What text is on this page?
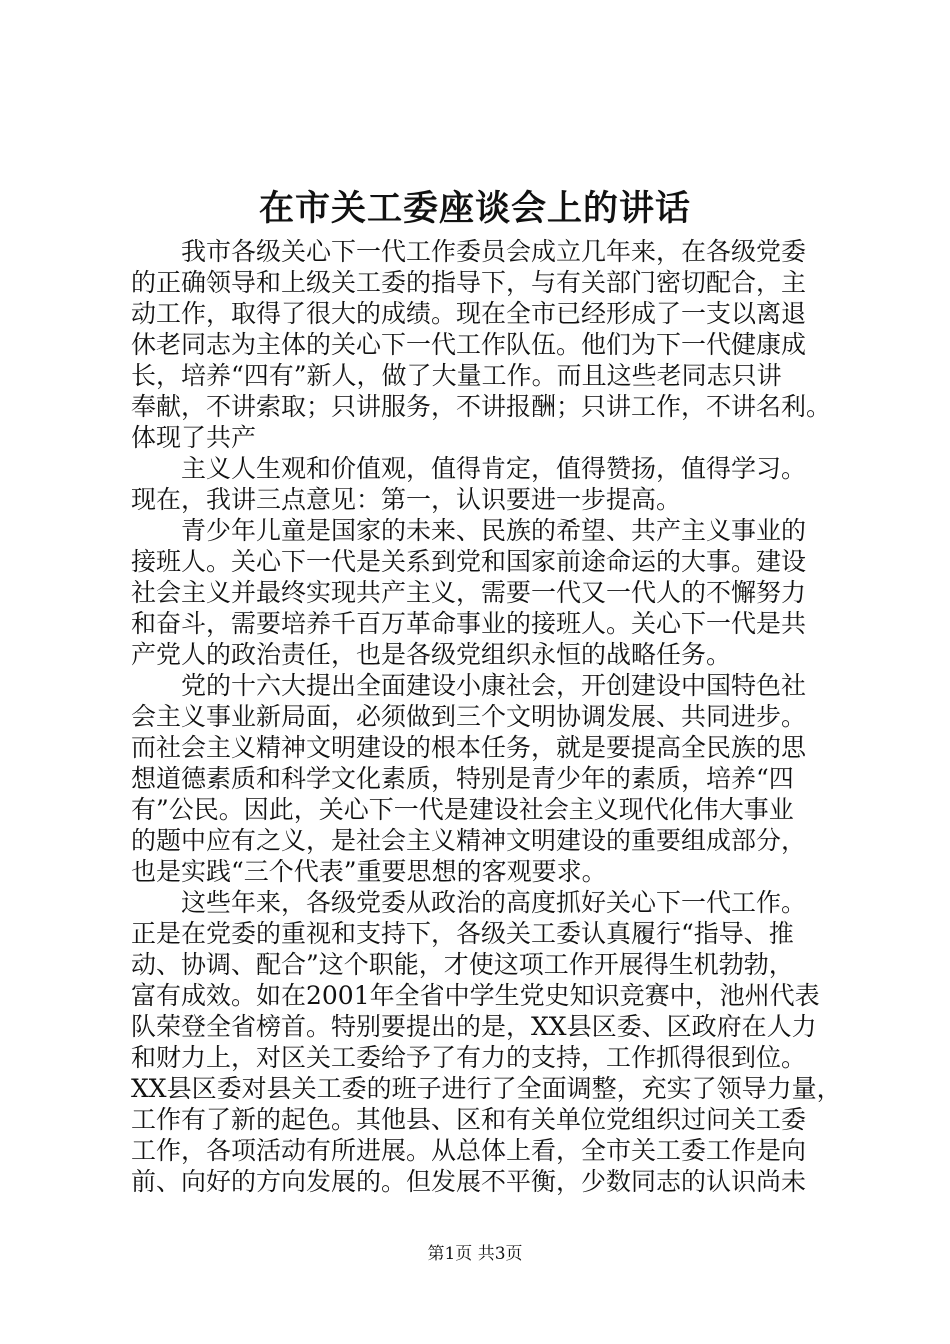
在市关工委座谈会上的讲话
我市各级关心下一代工作委员会成立几年来，在各级党委
的正确领导和上级关工委的指导下，与有关部门密切配合，主
动工作，取得了很大的成绩。现在全市已经形成了一支以离退
休老同志为主体的关心下一代工作队伍。他们为下一代健康成
长，培养“四有”新人，做了大量工作。而且这些老同志只讲
奉献，不讲索取；只讲服务，不讲报酬；只讲工作，不讲名利。
体现了共产
主义人生观和价值观，值得肯定，值得赞扬，值得学习。
现在，我讲三点意见：第一，认识要进一步提高。
青少年儿童是国家的未来、民族的希望、共产主义事业的
接班人。关心下一代是关系到党和国家前途命运的大事。建设
社会主义并最终实现共产主义，需要一代又一代人的不懈努力
和奋斗，需要培养千百万革命事业的接班人。关心下一代是共
产党人的政治责任，也是各级党组织永恒的战略任务。
党的十六大提出全面建设小康社会，开创建设中国特色社
会主义事业新局面，必须做到三个文明协调发展、共同进步。
而社会主义精神文明建设的根本任务，就是要提高全民族的思
想道德素质和科学文化素质，特别是青少年的素质，培养“四
有”公民。因此，关心下一代是建设社会主义现代化伟大事业
的题中应有之义，是社会主义精神文明建设的重要组成部分，
也是实践“三个代表”重要思想的客观要求。
这些年来，各级党委从政治的高度抓好关心下一代工作。
正是在党委的重视和支持下，各级关工委认真履行“指导、推
动、协调、配合”这个职能，才使这项工作开展得生机勃勃，
富有成效。如在2001年全省中学生党史知识竞赛中，池州代表
队荣登全省榜首。特别要提出的是，XX县区委、区政府在人力
和财力上，对区关工委给予了有力的支持，工作抓得很到位。
XX县区委对县关工委的班子进行了全面调整，充实了领导力量，
工作有了新的起色。其他县、区和有关单位党组织过问关工委
工作，各项活动有所进展。从总体上看，全市关工委工作是向
前、向好的方向发展的。但发展不平衡，少数同志的认识尚未
第1页 共3页
